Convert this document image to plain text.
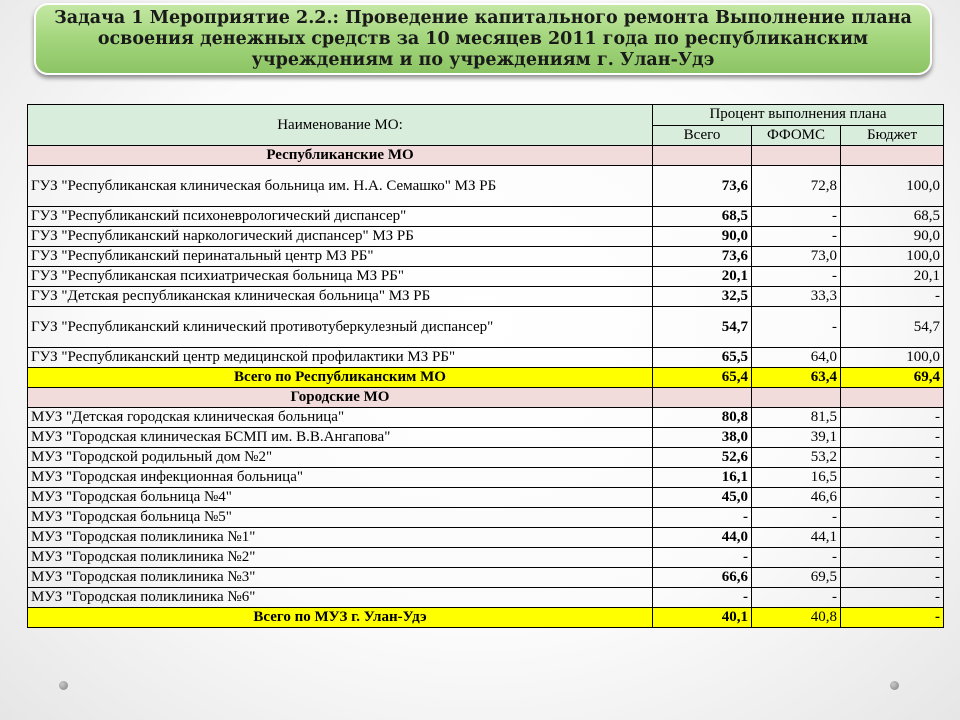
Задача 1 Мероприятие 2.2.: Проведение капитального ремонта Выполнение плана освоения денежных средств за 10 месяцев 2011 года по республиканским учреждениям и по учреждениям г. Улан-Удэ

Наименование МО:	Процент выполнения плана		
	Всего	ФФОМС	Бюджет
Республиканские МО			
ГУЗ "Республиканская клиническая больница им. Н.А. Семашко" МЗ РБ	73,6	72,8	100,0
ГУЗ "Республиканский психоневрологический диспансер"	68,5	-	68,5
ГУЗ "Республиканский наркологический диспансер" МЗ РБ	90,0	-	90,0
ГУЗ "Республиканский перинатальный центр МЗ РБ"	73,6	73,0	100,0
ГУЗ "Республиканская психиатрическая больница МЗ РБ"	20,1	-	20,1
ГУЗ "Детская республиканская клиническая больница" МЗ РБ	32,5	33,3	-
ГУЗ "Республиканский клинический противотуберкулезный диспансер"	54,7	-	54,7
ГУЗ "Республиканский центр медицинской профилактики МЗ РБ"	65,5	64,0	100,0
Всего по Республиканским МО	65,4	63,4	69,4
Городские МО			
МУЗ "Детская городская клиническая больница"	80,8	81,5	-
МУЗ "Городская клиническая БСМП им. В.В.Ангапова"	38,0	39,1	-
МУЗ "Городской родильный дом №2"	52,6	53,2	-
МУЗ "Городская инфекционная больница"	16,1	16,5	-
МУЗ "Городская больница №4"	45,0	46,6	-
МУЗ "Городская больница №5"	-	-	-
МУЗ "Городская поликлиника №1"	44,0	44,1	-
МУЗ "Городская поликлиника №2"	-	-	-
МУЗ "Городская поликлиника №3"	66,6	69,5	-
МУЗ "Городская поликлиника №6"	-	-	-
Всего по МУЗ г. Улан-Удэ	40,1	40,8	-
